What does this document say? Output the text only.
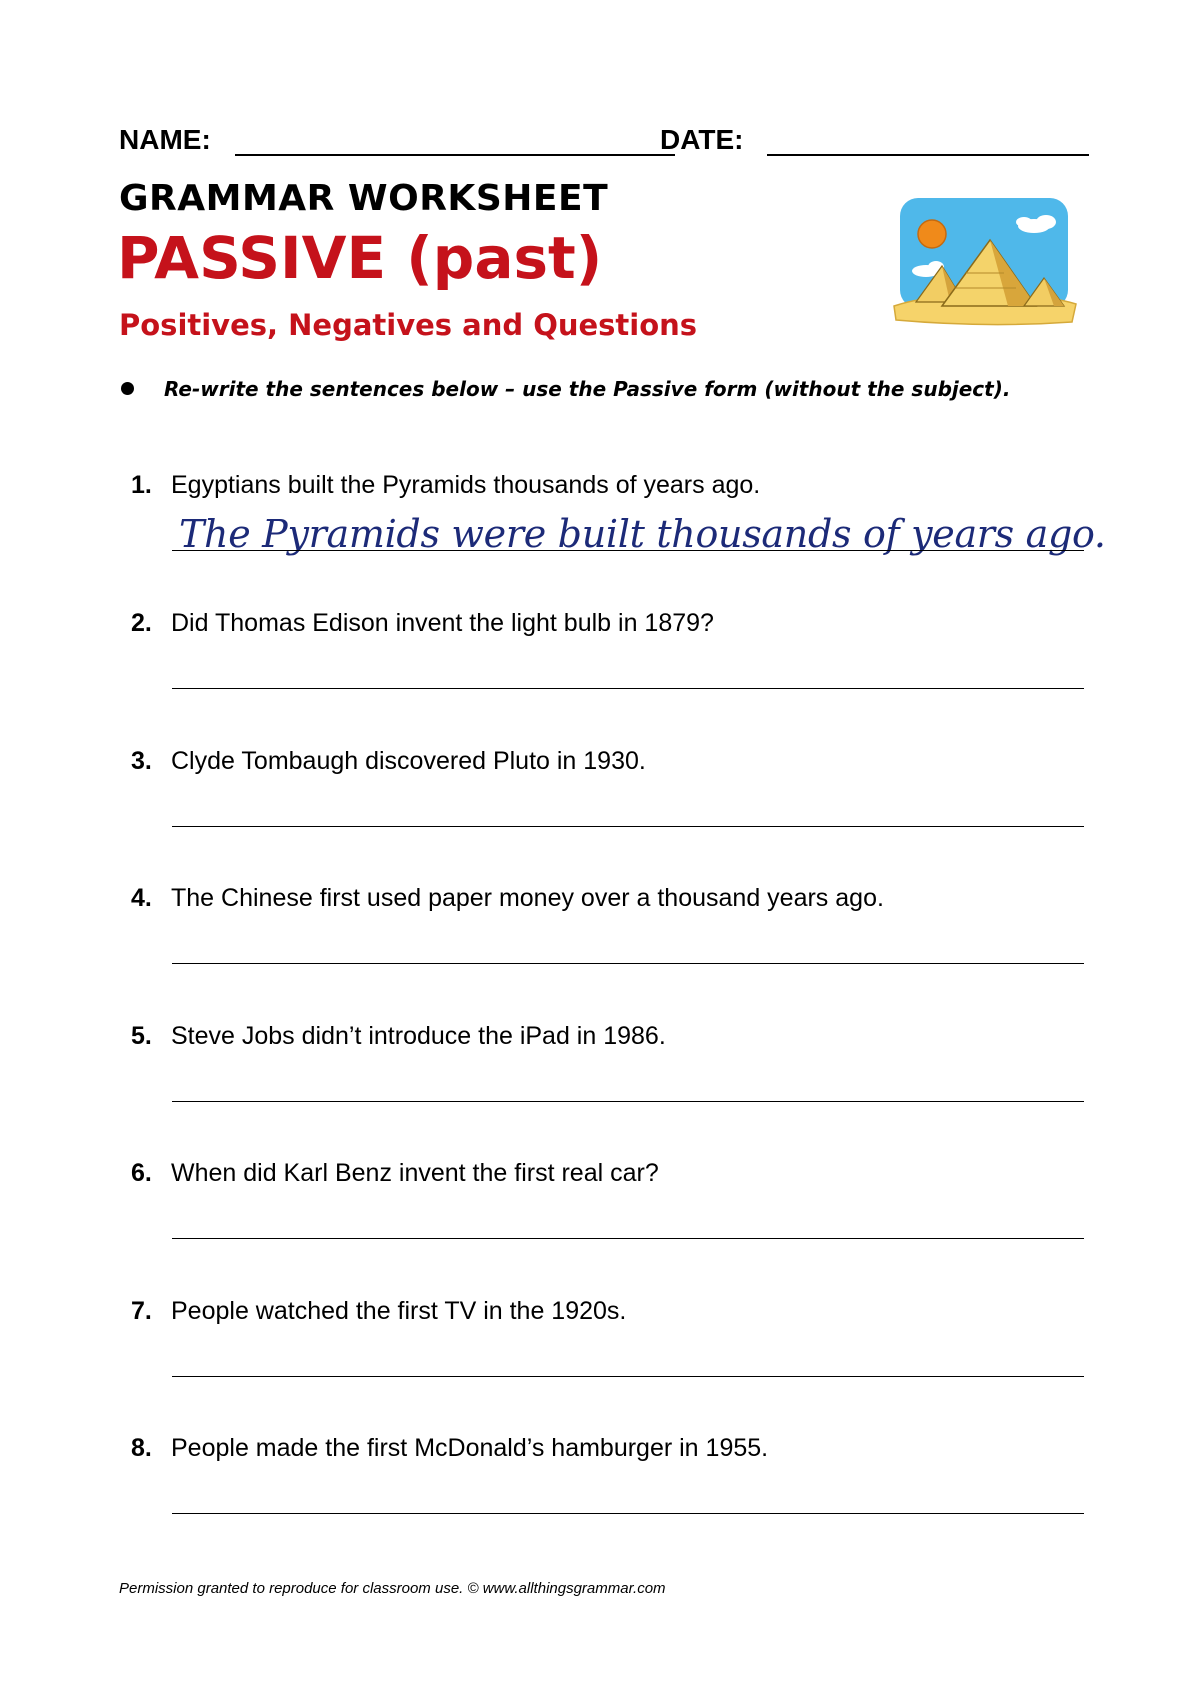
NAME:	DATE:
GRAMMAR WORKSHEET
PASSIVE (past)
Positives, Negatives and Questions
Re-write the sentences below – use the Passive form (without the subject).
1. Egyptians built the Pyramids thousands of years ago.
The Pyramids were built thousands of years ago.
2. Did Thomas Edison invent the light bulb in 1879?
3. Clyde Tombaugh discovered Pluto in 1930.
4. The Chinese first used paper money over a thousand years ago.
5. Steve Jobs didn’t introduce the iPad in 1986.
6. When did Karl Benz invent the first real car?
7. People watched the first TV in the 1920s.
8. People made the first McDonald’s hamburger in 1955.
Permission granted to reproduce for classroom use. © www.allthingsgrammar.com
